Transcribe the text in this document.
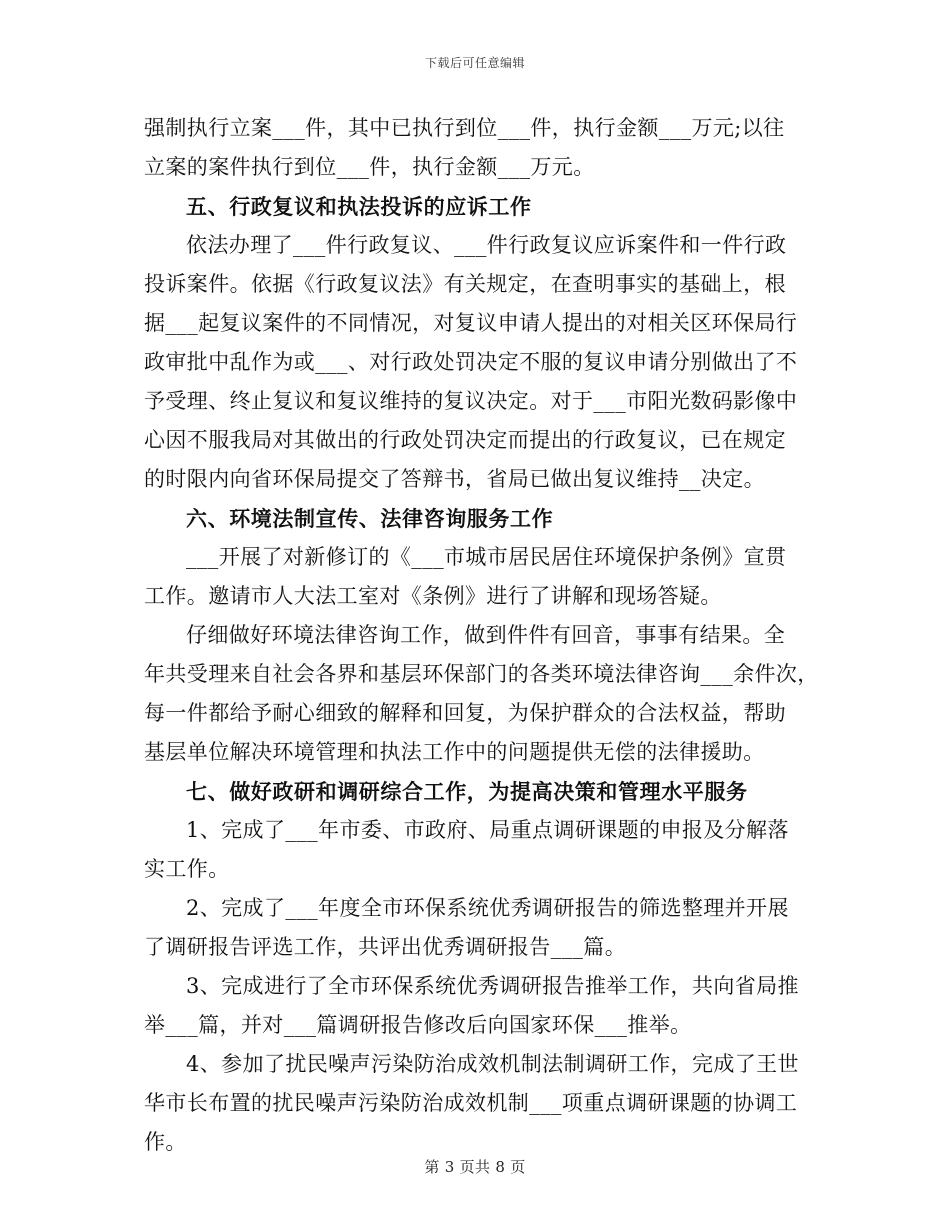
下载后可任意编辑
强制执行立案___件，其中已执行到位___件，执行金额___万元;以往
立案的案件执行到位___件，执行金额___万元。
五、行政复议和执法投诉的应诉工作
依法办理了___件行政复议、___件行政复议应诉案件和一件行政
投诉案件。依据《行政复议法》有关规定，在查明事实的基础上，根
据___起复议案件的不同情况，对复议申请人提出的对相关区环保局行
政审批中乱作为或___、对行政处罚决定不服的复议申请分别做出了不
予受理、终止复议和复议维持的复议决定。对于___市阳光数码影像中
心因不服我局对其做出的行政处罚决定而提出的行政复议，已在规定
的时限内向省环保局提交了答辩书，省局已做出复议维持__决定。
六、环境法制宣传、法律咨询服务工作
___开展了对新修订的《___市城市居民居住环境保护条例》宣贯
工作。邀请市人大法工室对《条例》进行了讲解和现场答疑。
仔细做好环境法律咨询工作，做到件件有回音，事事有结果。全
年共受理来自社会各界和基层环保部门的各类环境法律咨询___余件次，
每一件都给予耐心细致的解释和回复，为保护群众的合法权益，帮助
基层单位解决环境管理和执法工作中的问题提供无偿的法律援助。
七、做好政研和调研综合工作，为提高决策和管理水平服务
1、完成了___年市委、市政府、局重点调研课题的申报及分解落
实工作。
2、完成了___年度全市环保系统优秀调研报告的筛选整理并开展
了调研报告评选工作，共评出优秀调研报告___篇。
3、完成进行了全市环保系统优秀调研报告推举工作，共向省局推
举___篇，并对___篇调研报告修改后向国家环保___推举。
4、参加了扰民噪声污染防治成效机制法制调研工作，完成了王世
华市长布置的扰民噪声污染防治成效机制___项重点调研课题的协调工
作。
第 3 页共 8 页
